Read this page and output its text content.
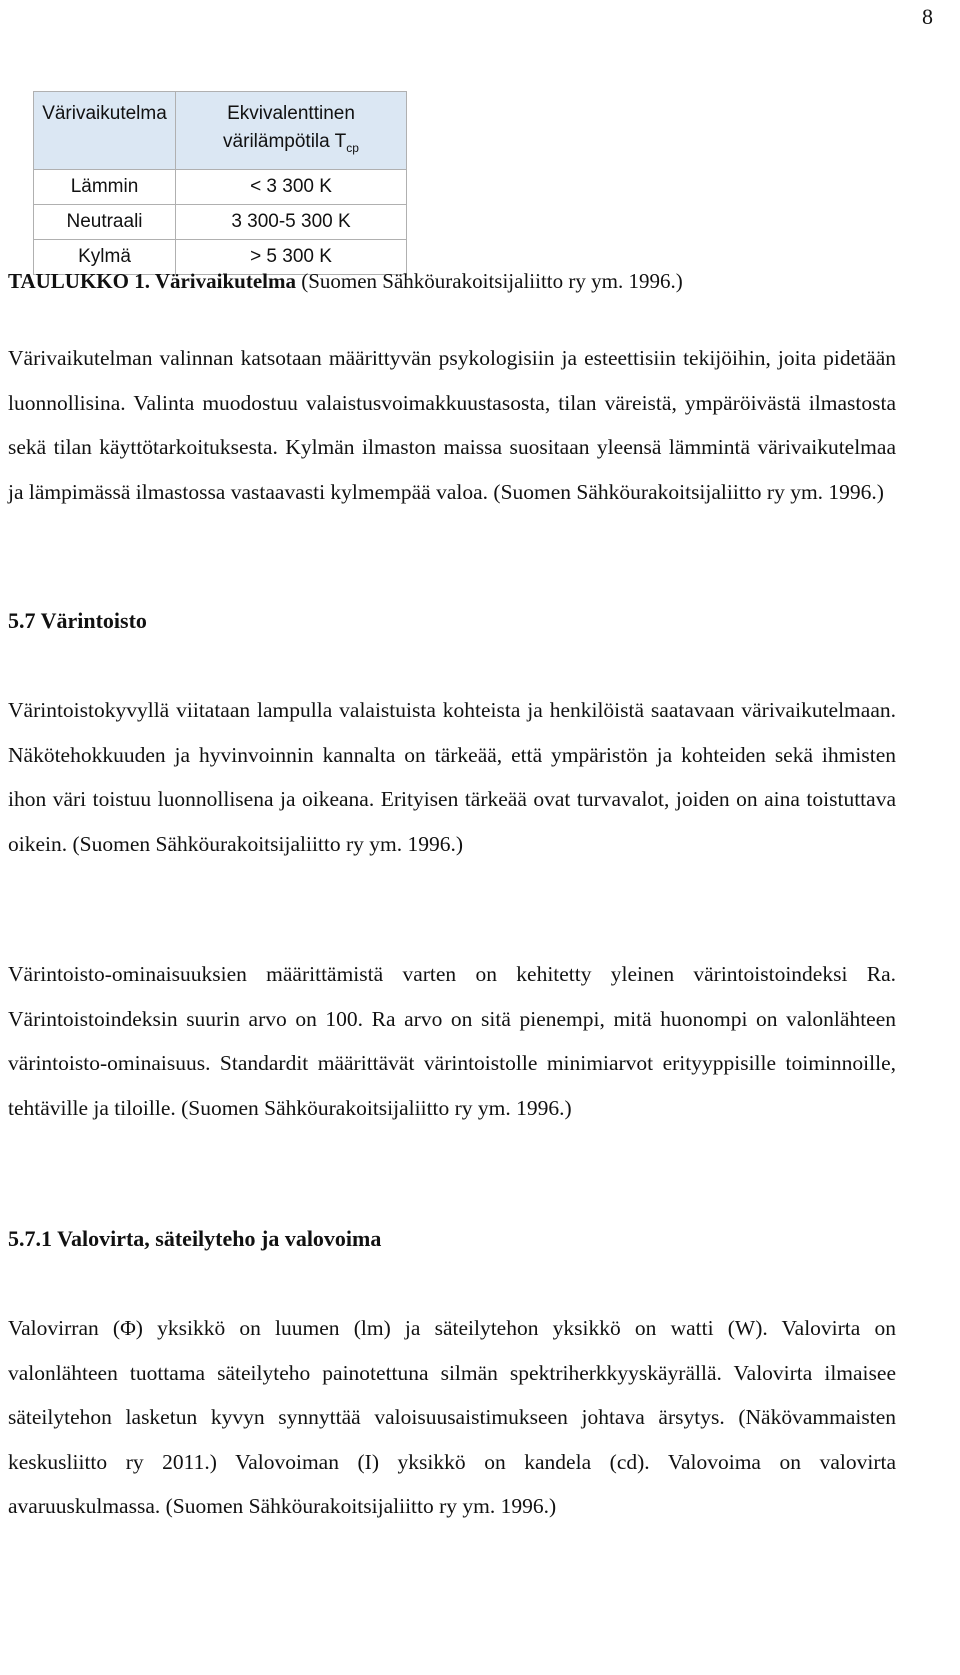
8
Värivaikutelma	Ekvivalenttinen
värilämpötila $T_{cp}$

Lämmin	< 3 300 K
Neutraali	3 300-5 300 K
Kylmä	> 5 300 K
TAULUKKO 1. Värivaikutelma (Suomen Sähköurakoitsijaliitto ry ym. 1996.)

Värivaikutelman valinnan katsotaan määrittyvän psykologisiin ja esteettisiin tekijöihin, joita pidetään luonnollisina. Valinta muodostuu valaistusvoimakkuustasosta, tilan väreistä, ympäröivästä ilmastosta sekä tilan käyttötarkoituksesta. Kylmän ilmaston maissa suositaan yleensä lämmintä värivaikutelmaa ja lämpimässä ilmastossa vastaavasti kylmempää valoa. (Suomen Sähköurakoitsijaliitto ry ym. 1996.)

5.7 Värintoisto

Värintoistokyvyllä viitataan lampulla valaistuista kohteista ja henkilöistä saatavaan värivaikutelmaan. Näkötehokkuuden ja hyvinvoinnin kannalta on tärkeää, että ympäristön ja kohteiden sekä ihmisten ihon väri toistuu luonnollisena ja oikeana. Erityisen tärkeää ovat turvavalot, joiden on aina toistuttava oikein. (Suomen Sähköurakoitsijaliitto ry ym. 1996.)

Värintoisto-ominaisuuksien määrittämistä varten on kehitetty yleinen värintoistoindeksi Ra. Värintoistoindeksin suurin arvo on 100. Ra arvo on sitä pienempi, mitä huonompi on valonlähteen värintoisto-ominaisuus. Standardit määrittävät värintoistolle minimiarvot erityyppisille toiminnoille, tehtäville ja tiloille. (Suomen Sähköurakoitsijaliitto ry ym. 1996.)

5.7.1 Valovirta, säteilyteho ja valovoima

Valovirran (Φ) yksikkö on luumen (lm) ja säteilytehon yksikkö on watti (W). Valovirta on valonlähteen tuottama säteilyteho painotettuna silmän spektriherkkyyskäyrällä. Valovirta ilmaisee säteilytehon lasketun kyvyn synnyttää valoisuusaistimukseen johtava ärsytys. (Näkövammaisten keskusliitto ry 2011.) Valovoiman (I) yksikkö on kandela (cd). Valovoima on valovirta avaruuskulmassa. (Suomen Sähköurakoitsijaliitto ry ym. 1996.)
